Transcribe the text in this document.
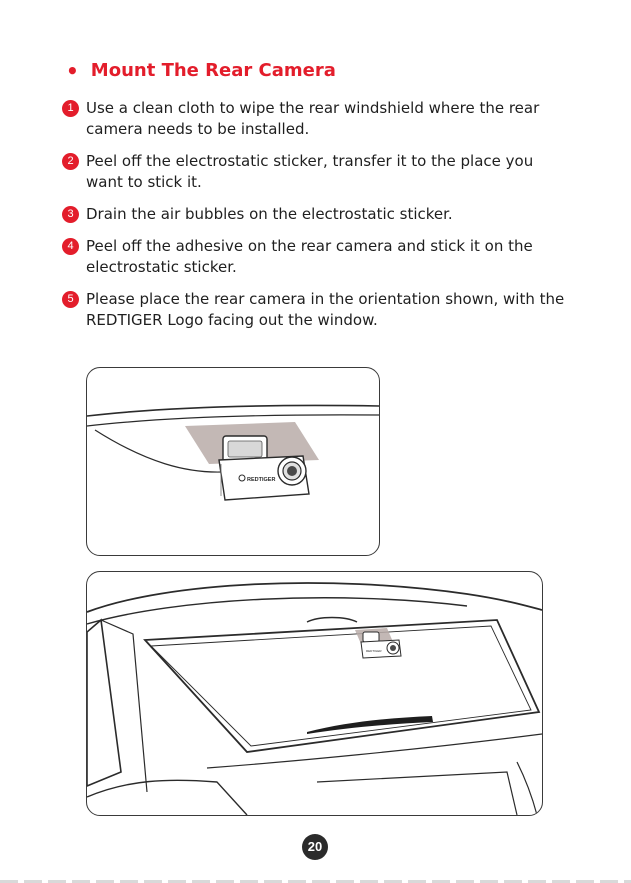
• Mount The Rear Camera
1 Use a clean cloth to wipe the rear windshield where the rear camera needs to be installed.
2 Peel off the electrostatic sticker, transfer it to the place you want to stick it.
3 Drain the air bubbles on the electrostatic sticker.
4 Peel off the adhesive on the rear camera and stick it on the electrostatic sticker.
5 Please place the rear camera in the orientation shown, with the REDTIGER Logo facing out the window.
REDTIGER
REDTIGER
20
